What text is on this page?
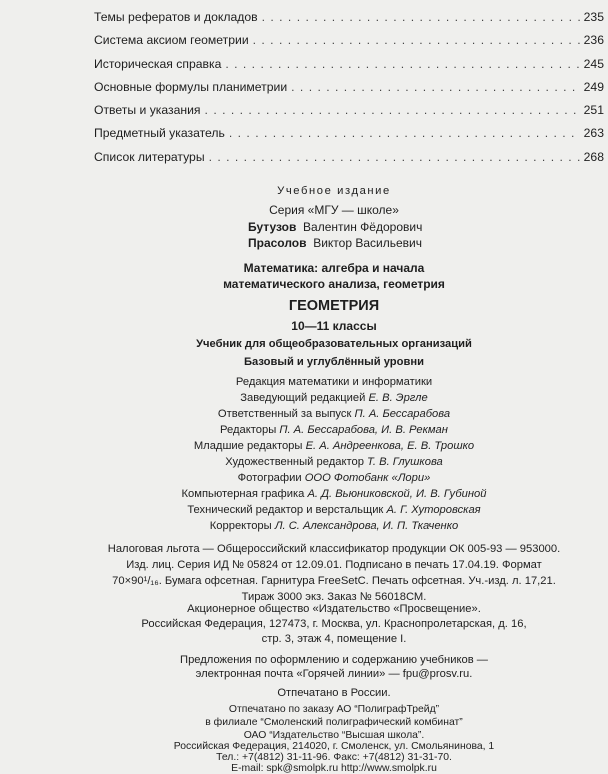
Темы рефератов и докладов . . .	235
Система аксиом геометрии . . .	236
Историческая справка . . .	245
Основные формулы планиметрии . . .	249
Ответы и указания . . .	251
Предметный указатель . . .	263
Список литературы . . .	268
Учебное издание
Серия «МГУ — школе»
Бутузов Валентин Фёдорович
Прасолов Виктор Васильевич
Математика: алгебра и начала
математического анализа, геометрия
ГЕОМЕТРИЯ
10—11 классы
Учебник для общеобразовательных организаций
Базовый и углублённый уровни
Редакция математики и информатики
Заведующий редакцией Е. В. Эргле
Ответственный за выпуск П. А. Бессарабова
Редакторы П. А. Бессарабова, И. В. Рекман
Младшие редакторы Е. А. Андреенкова, Е. В. Трошко
Художественный редактор Т. В. Глушкова
Фотографии ООО Фотобанк «Лори»
Компьютерная графика А. Д. Вьюниковской, И. В. Губиной
Технический редактор и верстальщик А. Г. Хуторовская
Корректоры Л. С. Александрова, И. П. Ткаченко
Налоговая льгота — Общероссийский классификатор продукции ОК 005-93 — 953000.
Изд. лиц. Серия ИД № 05824 от 12.09.01. Подписано в печать 17.04.19. Формат
70×90¹/₁₆. Бумага офсетная. Гарнитура FreeSetC. Печать офсетная. Уч.-изд. л. 17,21.
Тираж 3000 экз. Заказ № 56018СМ.
Акционерное общество «Издательство «Просвещение».
Российская Федерация, 127473, г. Москва, ул. Краснопролетарская, д. 16,
стр. 3, этаж 4, помещение I.
Предложения по оформлению и содержанию учебников —
электронная почта «Горячей линии» — fpu@prosv.ru.
Отпечатано в России.
Отпечатано по заказу АО “ПолиграфТрейд”
в филиале “Смоленский полиграфический комбинат”
ОАО “Издательство “Высшая школа”.
Российская Федерация, 214020, г. Смоленск, ул. Смольянинова, 1
Тел.: +7(4812) 31-11-96. Факс: +7(4812) 31-31-70.
E-mail: spk@smolpk.ru http://www.smolpk.ru
